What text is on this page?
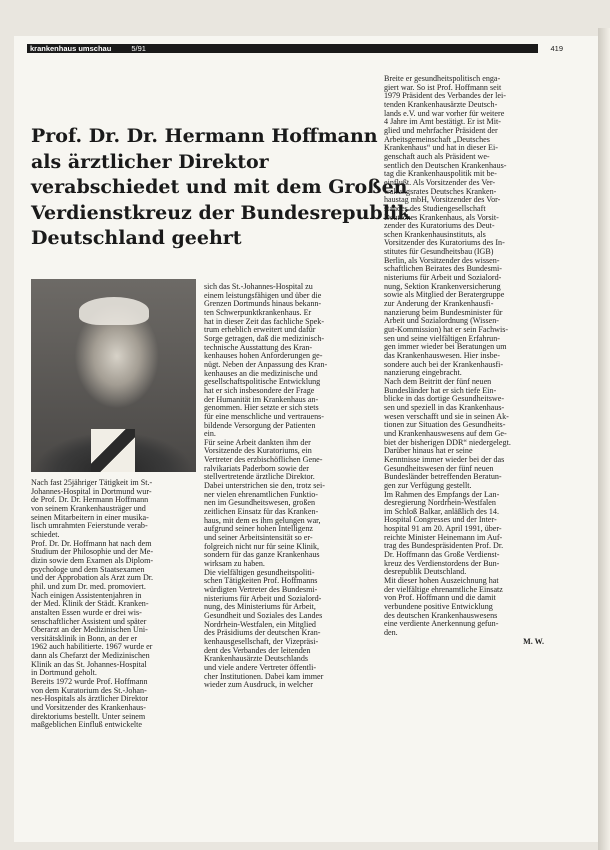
krankenhaus umschau	5/91	419
Prof. Dr. Dr. Hermann Hoffmann
als ärztlicher Direktor
verabschiedet und mit dem Großen
Verdienstkreuz der Bundesrepublik
Deutschland geehrt
Nach fast 25jähriger Tätigkeit im St.-
Johannes-Hospital in Dortmund wur-
de Prof. Dr. Dr. Hermann Hoffmann
von seinem Krankenhausträger und
seinen Mitarbeitern in einer musika-
lisch umrahmten Feierstunde verab-
schiedet.
Prof. Dr. Dr. Hoffmann hat nach dem
Studium der Philosophie und der Me-
dizin sowie dem Examen als Diplom-
psychologe und dem Staatsexamen
und der Approbation als Arzt zum Dr.
phil. und zum Dr. med. promoviert.
Nach einigen Assistentenjahren in
der Med. Klinik der Städt. Kranken-
anstalten Essen wurde er drei wis-
senschaftlicher Assistent und später
Oberarzt an der Medizinischen Uni-
versitätsklinik in Bonn, an der er
1962 auch habilitierte. 1967 wurde er
dann als Chefarzt der Medizinischen
Klinik an das St. Johannes-Hospital
in Dortmund geholt.
Bereits 1972 wurde Prof. Hoffmann
von dem Kuratorium des St.-Johan-
nes-Hospitals als ärztlicher Direktor
und Vorsitzender des Krankenhaus-
direktoriums bestellt. Unter seinem
maßgeblichen Einfluß entwickelte
sich das St.-Johannes-Hospital zu
einem leistungsfähigen und über die
Grenzen Dortmunds hinaus bekann-
ten Schwerpunktkrankenhaus. Er
hat in dieser Zeit das fachliche Spek-
trum erheblich erweitert und dafür
Sorge getragen, daß die medizinisch-
technische Ausstattung des Kran-
kenhauses hohen Anforderungen ge-
nügt. Neben der Anpassung des Kran-
kenhauses an die medizinische und
gesellschaftspolitische Entwicklung
hat er sich insbesondere der Frage
der Humanität im Krankenhaus an-
genommen. Hier setzte er sich stets
für eine menschliche und vertrauens-
bildende Versorgung der Patienten
ein.
Für seine Arbeit dankten ihm der
Vorsitzende des Kuratoriums, ein
Vertreter des erzbischöflichen Gene-
ralvikariats Paderborn sowie der
stellvertretende ärztliche Direktor.
Dabei unterstrichen sie den, trotz sei-
ner vielen ehrenamtlichen Funktio-
nen im Gesundheitswesen, großen
zeitlichen Einsatz für das Kranken-
haus, mit dem es ihm gelungen war,
aufgrund seiner hohen Intelligenz
und seiner Arbeitsintensität so er-
folgreich nicht nur für seine Klinik,
sondern für das ganze Krankenhaus
wirksam zu haben.
Die vielfältigen gesundheitspoliti-
schen Tätigkeiten Prof. Hoffmanns
würdigten Vertreter des Bundesmi-
nisteriums für Arbeit und Sozialord-
nung, des Ministeriums für Arbeit,
Gesundheit und Soziales des Landes
Nordrhein-Westfalen, ein Mitglied
des Präsidiums der deutschen Kran-
kenhausgesellschaft, der Vizepräsi-
dent des Verbandes der leitenden
Krankenhausärzte Deutschlands
und viele andere Vertreter öffentli-
cher Institutionen. Dabei kam immer
wieder zum Ausdruck, in welcher
Breite er gesundheitspolitisch enga-
giert war. So ist Prof. Hoffmann seit
1979 Präsident des Verbandes der lei-
tenden Krankenhausärzte Deutsch-
lands e.V. und war vorher für weitere
4 Jahre im Amt bestätigt. Er ist Mit-
glied und mehrfacher Präsident der
Arbeitsgemeinschaft „Deutsches
Krankenhaus“ und hat in dieser Ei-
genschaft auch als Präsident we-
sentlich den Deutschen Krankenhaus-
tag die Krankenhauspolitik mit be-
einflußt. Als Vorsitzender des Ver-
waltungsrates Deutsches Kranken-
haustag mbH, Vorsitzender des Vor-
standes des Studiengesellschaft
Deutsches Krankenhaus, als Vorsit-
zender des Kuratoriums des Deut-
schen Krankenhausinstituts, als
Vorsitzender des Kuratoriums des In-
stitutes für Gesundheitsbau (IGB)
Berlin, als Vorsitzender des wissen-
schaftlichen Beirates des Bundesmi-
nisteriums für Arbeit und Sozialord-
nung, Sektion Krankenversicherung
sowie als Mitglied der Beratergruppe
zur Änderung der Krankenhausfi-
nanzierung beim Bundesminister für
Arbeit und Sozialordnung (Wissen-
gut-Kommission) hat er sein Fachwis-
sen und seine vielfältigen Erfahrun-
gen immer wieder bei Beratungen um
das Krankenhauswesen. Hier insbe-
sondere auch bei der Krankenhausfi-
nanzierung eingebracht.
Nach dem Beitritt der fünf neuen
Bundesländer hat er sich tiefe Ein-
blicke in das dortige Gesundheitswe-
sen und speziell in das Krankenhaus-
wesen verschafft und sie in seinen Ak-
tionen zur Situation des Gesundheits-
und Krankenhauswesens auf dem Ge-
biet der bisherigen DDR“ niedergelegt.
Darüber hinaus hat er seine
Kenntnisse immer wieder bei der das
Gesundheitswesen der fünf neuen
Bundesländer betreffenden Beratun-
gen zur Verfügung gestellt.
Im Rahmen des Empfangs der Lan-
desregierung Nordrhein-Westfalen
im Schloß Balkar, anläßlich des 14.
Hospital Congresses und der Inter-
hospital 91 am 20. April 1991, über-
reichte Minister Heinemann im Auf-
trag des Bundespräsidenten Prof. Dr.
Dr. Hoffmann das Große Verdienst-
kreuz des Verdienstordens der Bun-
desrepublik Deutschland.
Mit dieser hohen Auszeichnung hat
der vielfältige ehrenamtliche Einsatz
von Prof. Hoffmann und die damit
verbundene positive Entwicklung
des deutschen Krankenhauswesens
eine verdiente Anerkennung gefun-
den.
M. W.
